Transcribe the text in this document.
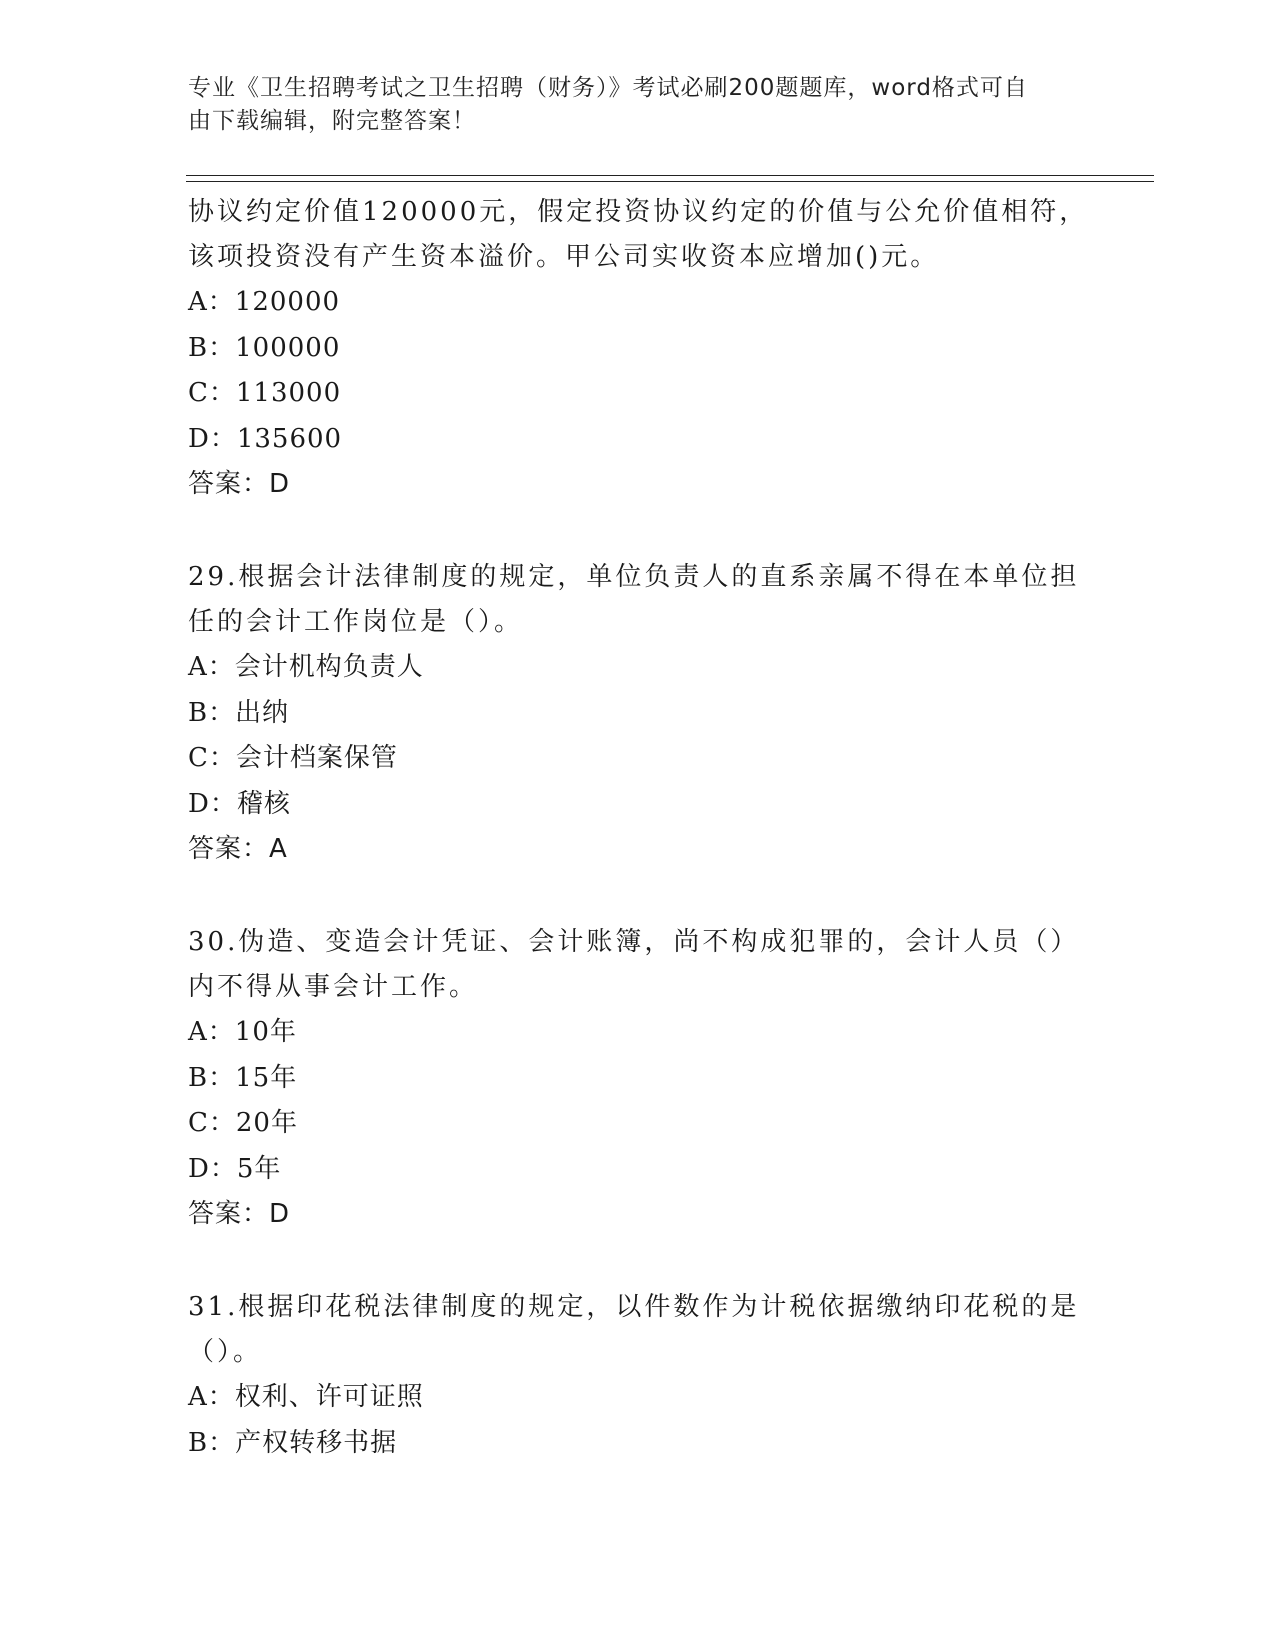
专业《卫生招聘考试之卫生招聘（财务）》考试必刷200题题库，word格式可自
由下载编辑，附完整答案！
协议约定价值120000元，假定投资协议约定的价值与公允价值相符，
该项投资没有产生资本溢价。甲公司实收资本应增加()元。
A：120000
B：100000
C：113000
D：135600
答案：D
29.根据会计法律制度的规定，单位负责人的直系亲属不得在本单位担
任的会计工作岗位是（）。
A：会计机构负责人
B：出纳
C：会计档案保管
D：稽核
答案：A
30.伪造、变造会计凭证、会计账簿，尚不构成犯罪的，会计人员（）
内不得从事会计工作。
A：10年
B：15年
C：20年
D：5年
答案：D
31.根据印花税法律制度的规定，以件数作为计税依据缴纳印花税的是
（）。
A：权利、许可证照
B：产权转移书据
